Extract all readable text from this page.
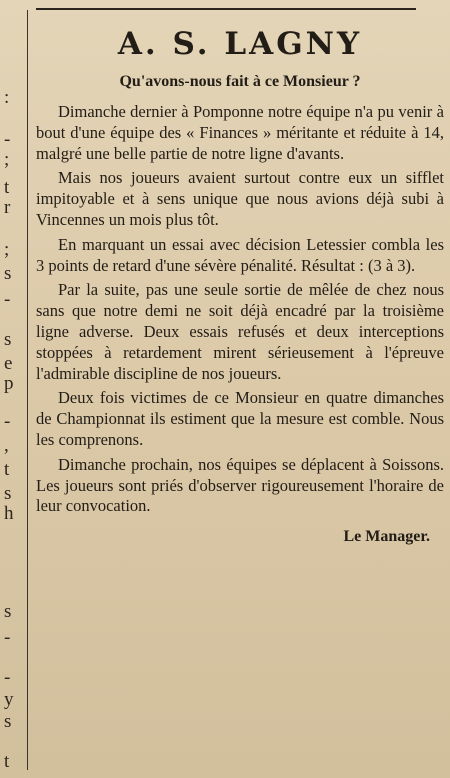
:
-
;
t
r
;
s
-
s
e
p
-
,
t
s
h
s
-
-
y
s
t
A. S. LAGNY
Qu'avons-nous fait à ce Monsieur ?

Dimanche dernier à Pomponne notre équipe n'a pu venir à bout d'une équipe des « Finances » méritante et réduite à 14, malgré une belle partie de notre ligne d'avants.

Mais nos joueurs avaient surtout contre eux un sifflet impitoyable et à sens unique que nous avions déjà subi à Vincennes un mois plus tôt.

En marquant un essai avec décision Letessier combla les 3 points de retard d'une sévère pénalité. Résultat : (3 à 3).

Par la suite, pas une seule sortie de mêlée de chez nous sans que notre demi ne soit déjà encadré par la troisième ligne adverse. Deux essais refusés et deux interceptions stoppées à retardement mirent sérieusement à l'épreuve l'admirable discipline de nos joueurs.

Deux fois victimes de ce Monsieur en quatre dimanches de Championnat ils estiment que la mesure est comble. Nous les comprenons.

Dimanche prochain, nos équipes se déplacent à Soissons. Les joueurs sont priés d'observer rigoureusement l'horaire de leur convocation.

Le Manager.
